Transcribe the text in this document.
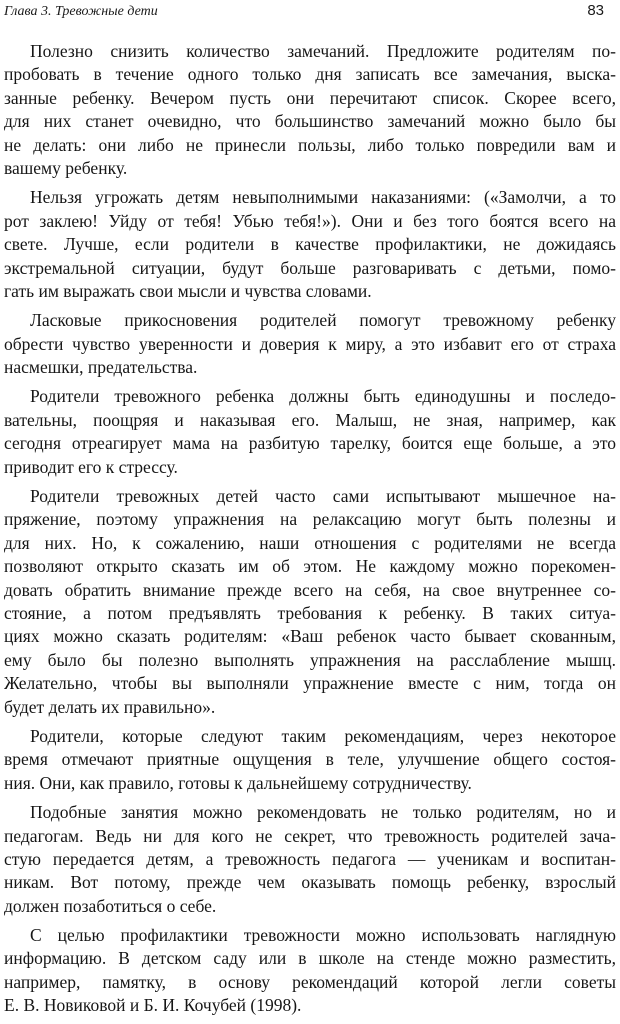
Глава 3. Тревожные дети	83
Полезно снизить количество замечаний. Предложите родителям по-
пробовать в течение одного только дня записать все замечания, выска-
занные ребенку. Вечером пусть они перечитают список. Скорее всего,
для них станет очевидно, что большинство замечаний можно было бы
не делать: они либо не принесли пользы, либо только повредили вам и
вашему ребенку.
Нельзя угрожать детям невыполнимыми наказаниями: («Замолчи, а то
рот заклею! Уйду от тебя! Убью тебя!»). Они и без того боятся всего на
свете. Лучше, если родители в качестве профилактики, не дожидаясь
экстремальной ситуации, будут больше разговаривать с детьми, помо-
гать им выражать свои мысли и чувства словами.
Ласковые прикосновения родителей помогут тревожному ребенку
обрести чувство уверенности и доверия к миру, а это избавит его от страха
насмешки, предательства.
Родители тревожного ребенка должны быть единодушны и последо-
вательны, поощряя и наказывая его. Малыш, не зная, например, как
сегодня отреагирует мама на разбитую тарелку, боится еще больше, а это
приводит его к стрессу.
Родители тревожных детей часто сами испытывают мышечное на-
пряжение, поэтому упражнения на релаксацию могут быть полезны и
для них. Но, к сожалению, наши отношения с родителями не всегда
позволяют открыто сказать им об этом. Не каждому можно порекомен-
довать обратить внимание прежде всего на себя, на свое внутреннее со-
стояние, а потом предъявлять требования к ребенку. В таких ситуа-
циях можно сказать родителям: «Ваш ребенок часто бывает скованным,
ему было бы полезно выполнять упражнения на расслабление мышц.
Желательно, чтобы вы выполняли упражнение вместе с ним, тогда он
будет делать их правильно».
Родители, которые следуют таким рекомендациям, через некоторое
время отмечают приятные ощущения в теле, улучшение общего состоя-
ния. Они, как правило, готовы к дальнейшему сотрудничеству.
Подобные занятия можно рекомендовать не только родителям, но и
педагогам. Ведь ни для кого не секрет, что тревожность родителей зача-
стую передается детям, а тревожность педагога — ученикам и воспитан-
никам. Вот потому, прежде чем оказывать помощь ребенку, взрослый
должен позаботиться о себе.
С целью профилактики тревожности можно использовать наглядную
информацию. В детском саду или в школе на стенде можно разместить,
например, памятку, в основу рекомендаций которой легли советы
Е. В. Новиковой и Б. И. Кочубей (1998).
